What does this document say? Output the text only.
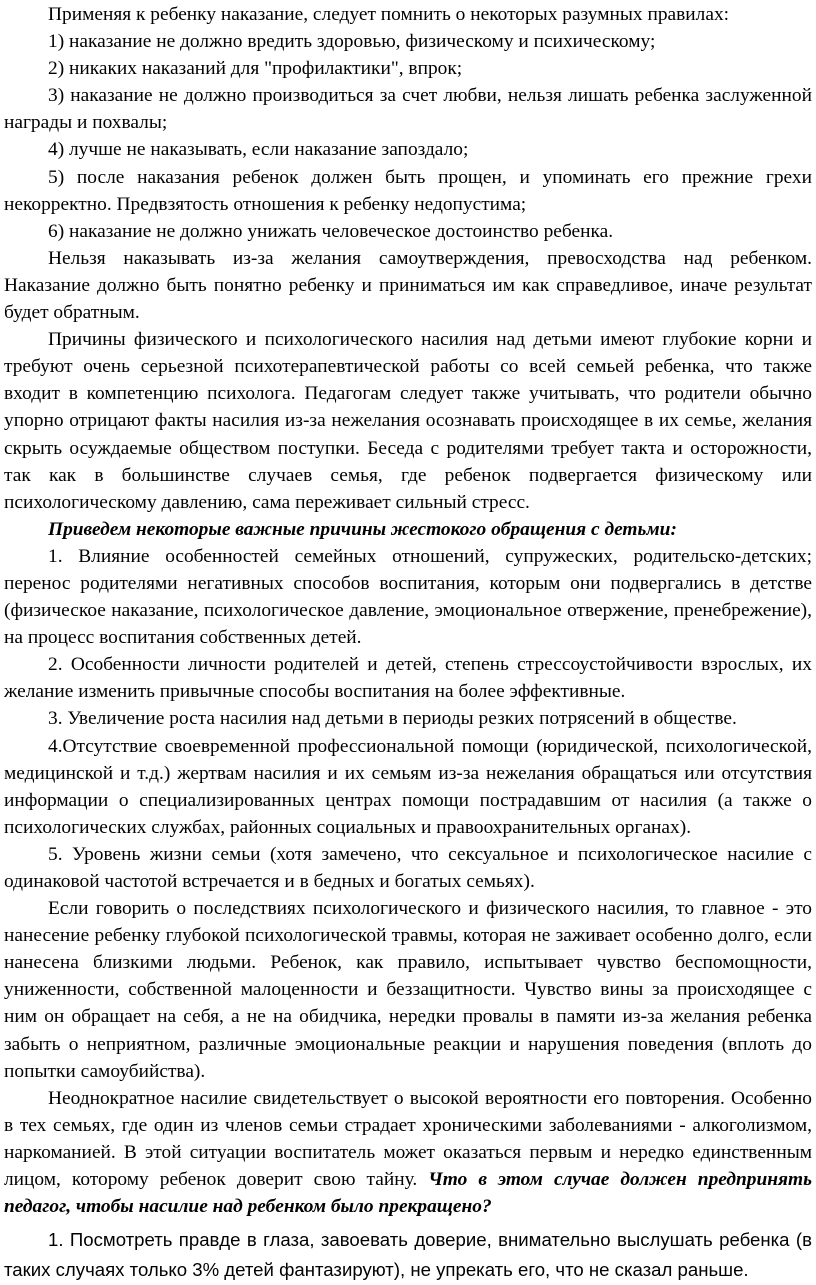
Применяя к ребенку наказание, следует помнить о некоторых разумных правилах:

1) наказание не должно вредить здоровью, физическому и психическому;

2) никаких наказаний для "профилактики", впрок;

3) наказание не должно производиться за счет любви, нельзя лишать ребенка заслуженной награды и похвалы;

4) лучше не наказывать, если наказание запоздало;

5) после наказания ребенок должен быть прощен, и упоминать его прежние грехи некорректно. Предвзятость отношения к ребенку недопустима;

6) наказание не должно унижать человеческое достоинство ребенка.

Нельзя наказывать из-за желания самоутверждения, превосходства над ребенком. Наказание должно быть понятно ребенку и приниматься им как справедливое, иначе результат будет обратным.

Причины физического и психологического насилия над детьми имеют глубокие корни и требуют очень серьезной психотерапевтической работы со всей семьей ребенка, что также входит в компетенцию психолога. Педагогам следует также учитывать, что родители обычно упорно отрицают факты насилия из-за нежелания осознавать происходящее в их семье, желания скрыть осуждаемые обществом поступки. Беседа с родителями требует такта и осторожности, так как в большинстве случаев семья, где ребенок подвергается физическому или психологическому давлению, сама переживает сильный стресс.

Приведем некоторые важные причины жестокого обращения с детьми:

1. Влияние особенностей семейных отношений, супружеских, родительско-детских; перенос родителями негативных способов воспитания, которым они подвергались в детстве (физическое наказание, психологическое давление, эмоциональное отвержение, пренебрежение), на процесс воспитания собственных детей.

2. Особенности личности родителей и детей, степень стрессоустойчивости взрослых, их желание изменить привычные способы воспитания на более эффективные.

3. Увеличение роста насилия над детьми в периоды резких потрясений в обществе.

4.Отсутствие своевременной профессиональной помощи (юридической, психологической, медицинской и т.д.) жертвам насилия и их семьям из-за нежелания обращаться или отсутствия информации о специализированных центрах помощи пострадавшим от насилия (а также о психологических службах, районных социальных и правоохранительных органах).

5. Уровень жизни семьи (хотя замечено, что сексуальное и психологическое насилие с одинаковой частотой встречается и в бедных и богатых семьях).

Если говорить о последствиях психологического и физического насилия, то главное - это нанесение ребенку глубокой психологической травмы, которая не заживает особенно долго, если нанесена близкими людьми. Ребенок, как правило, испытывает чувство беспомощности, униженности, собственной малоценности и беззащитности. Чувство вины за происходящее с ним он обращает на себя, а не на обидчика, нередки провалы в памяти из-за желания ребенка забыть о неприятном, различные эмоциональные реакции и нарушения поведения (вплоть до попытки самоубийства).

Неоднократное насилие свидетельствует о высокой вероятности его повторения. Особенно в тех семьях, где один из членов семьи страдает хроническими заболеваниями - алкоголизмом, наркоманией. В этой ситуации воспитатель может оказаться первым и нередко единственным лицом, которому ребенок доверит свою тайну. Что в этом случае должен предпринять педагог, чтобы насилие над ребенком было прекращено?

1. Посмотреть правде в глаза, завоевать доверие, внимательно выслушать ребенка (в таких случаях только 3% детей фантазируют), не упрекать его, что не сказал раньше.
